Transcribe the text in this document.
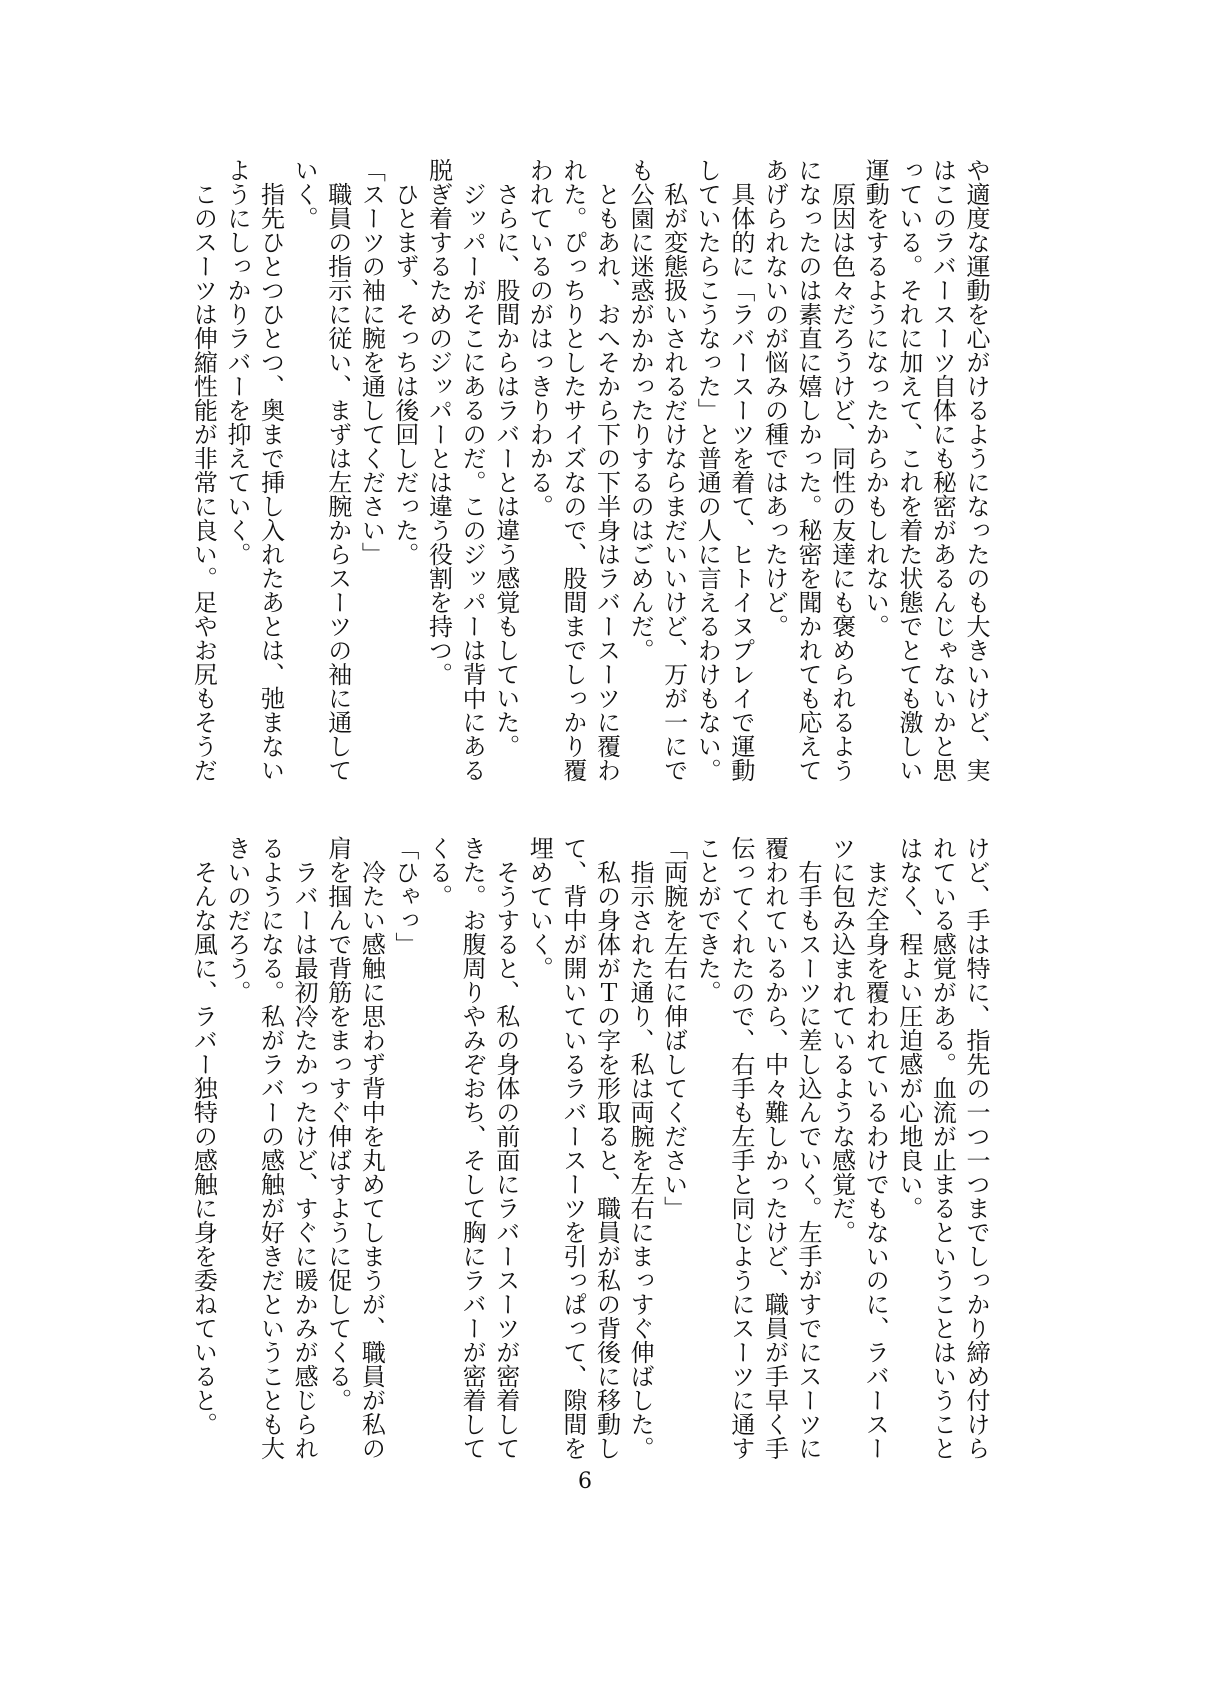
や適度な運動を心がけるようになったのも大きいけど、実
はこのラバースーツ自体にも秘密があるんじゃないかと思
っている。それに加えて、これを着た状態でとても激しい
運動をするようになったからかもしれない。
　原因は色々だろうけど、同性の友達にも褒められるよう
になったのは素直に嬉しかった。秘密を聞かれても応えて
あげられないのが悩みの種ではあったけど。
　具体的に「ラバースーツを着て、ヒトイヌプレイで運動
していたらこうなった」と普通の人に言えるわけもない。
　私が変態扱いされるだけならまだいいけど、万が一にで
も公園に迷惑がかかったりするのはごめんだ。
　ともあれ、おへそから下の下半身はラバースーツに覆わ
れた。ぴっちりとしたサイズなので、股間までしっかり覆
われているのがはっきりわかる。
　さらに、股間からはラバーとは違う感覚もしていた。
　ジッパーがそこにあるのだ。このジッパーは背中にある
脱ぎ着するためのジッパーとは違う役割を持つ。
　ひとまず、そっちは後回しだった。
「スーツの袖に腕を通してください」
　職員の指示に従い、まずは左腕からスーツの袖に通して
いく。
　指先ひとつひとつ、奥まで挿し入れたあとは、弛まない
ようにしっかりラバーを抑えていく。
　このスーツは伸縮性能が非常に良い。足やお尻もそうだ
けど、手は特に、指先の一つ一つまでしっかり締め付けら
れている感覚がある。血流が止まるということはいうこと
はなく、程よい圧迫感が心地良い。
　まだ全身を覆われているわけでもないのに、ラバースー
ツに包み込まれているような感覚だ。
　右手もスーツに差し込んでいく。左手がすでにスーツに
覆われているから、中々難しかったけど、職員が手早く手
伝ってくれたので、右手も左手と同じようにスーツに通す
ことができた。
「両腕を左右に伸ばしてください」
　指示された通り、私は両腕を左右にまっすぐ伸ばした。
　私の身体がＴの字を形取ると、職員が私の背後に移動し
て、背中が開いているラバースーツを引っぱって、隙間を
埋めていく。
　そうすると、私の身体の前面にラバースーツが密着して
きた。お腹周りやみぞおち、そして胸にラバーが密着して
くる。
「ひゃっ」
　冷たい感触に思わず背中を丸めてしまうが、職員が私の
肩を掴んで背筋をまっすぐ伸ばすように促してくる。
　ラバーは最初冷たかったけど、すぐに暖かみが感じられ
るようになる。私がラバーの感触が好きだということも大
きいのだろう。
　そんな風に、ラバー独特の感触に身を委ねていると。
6
